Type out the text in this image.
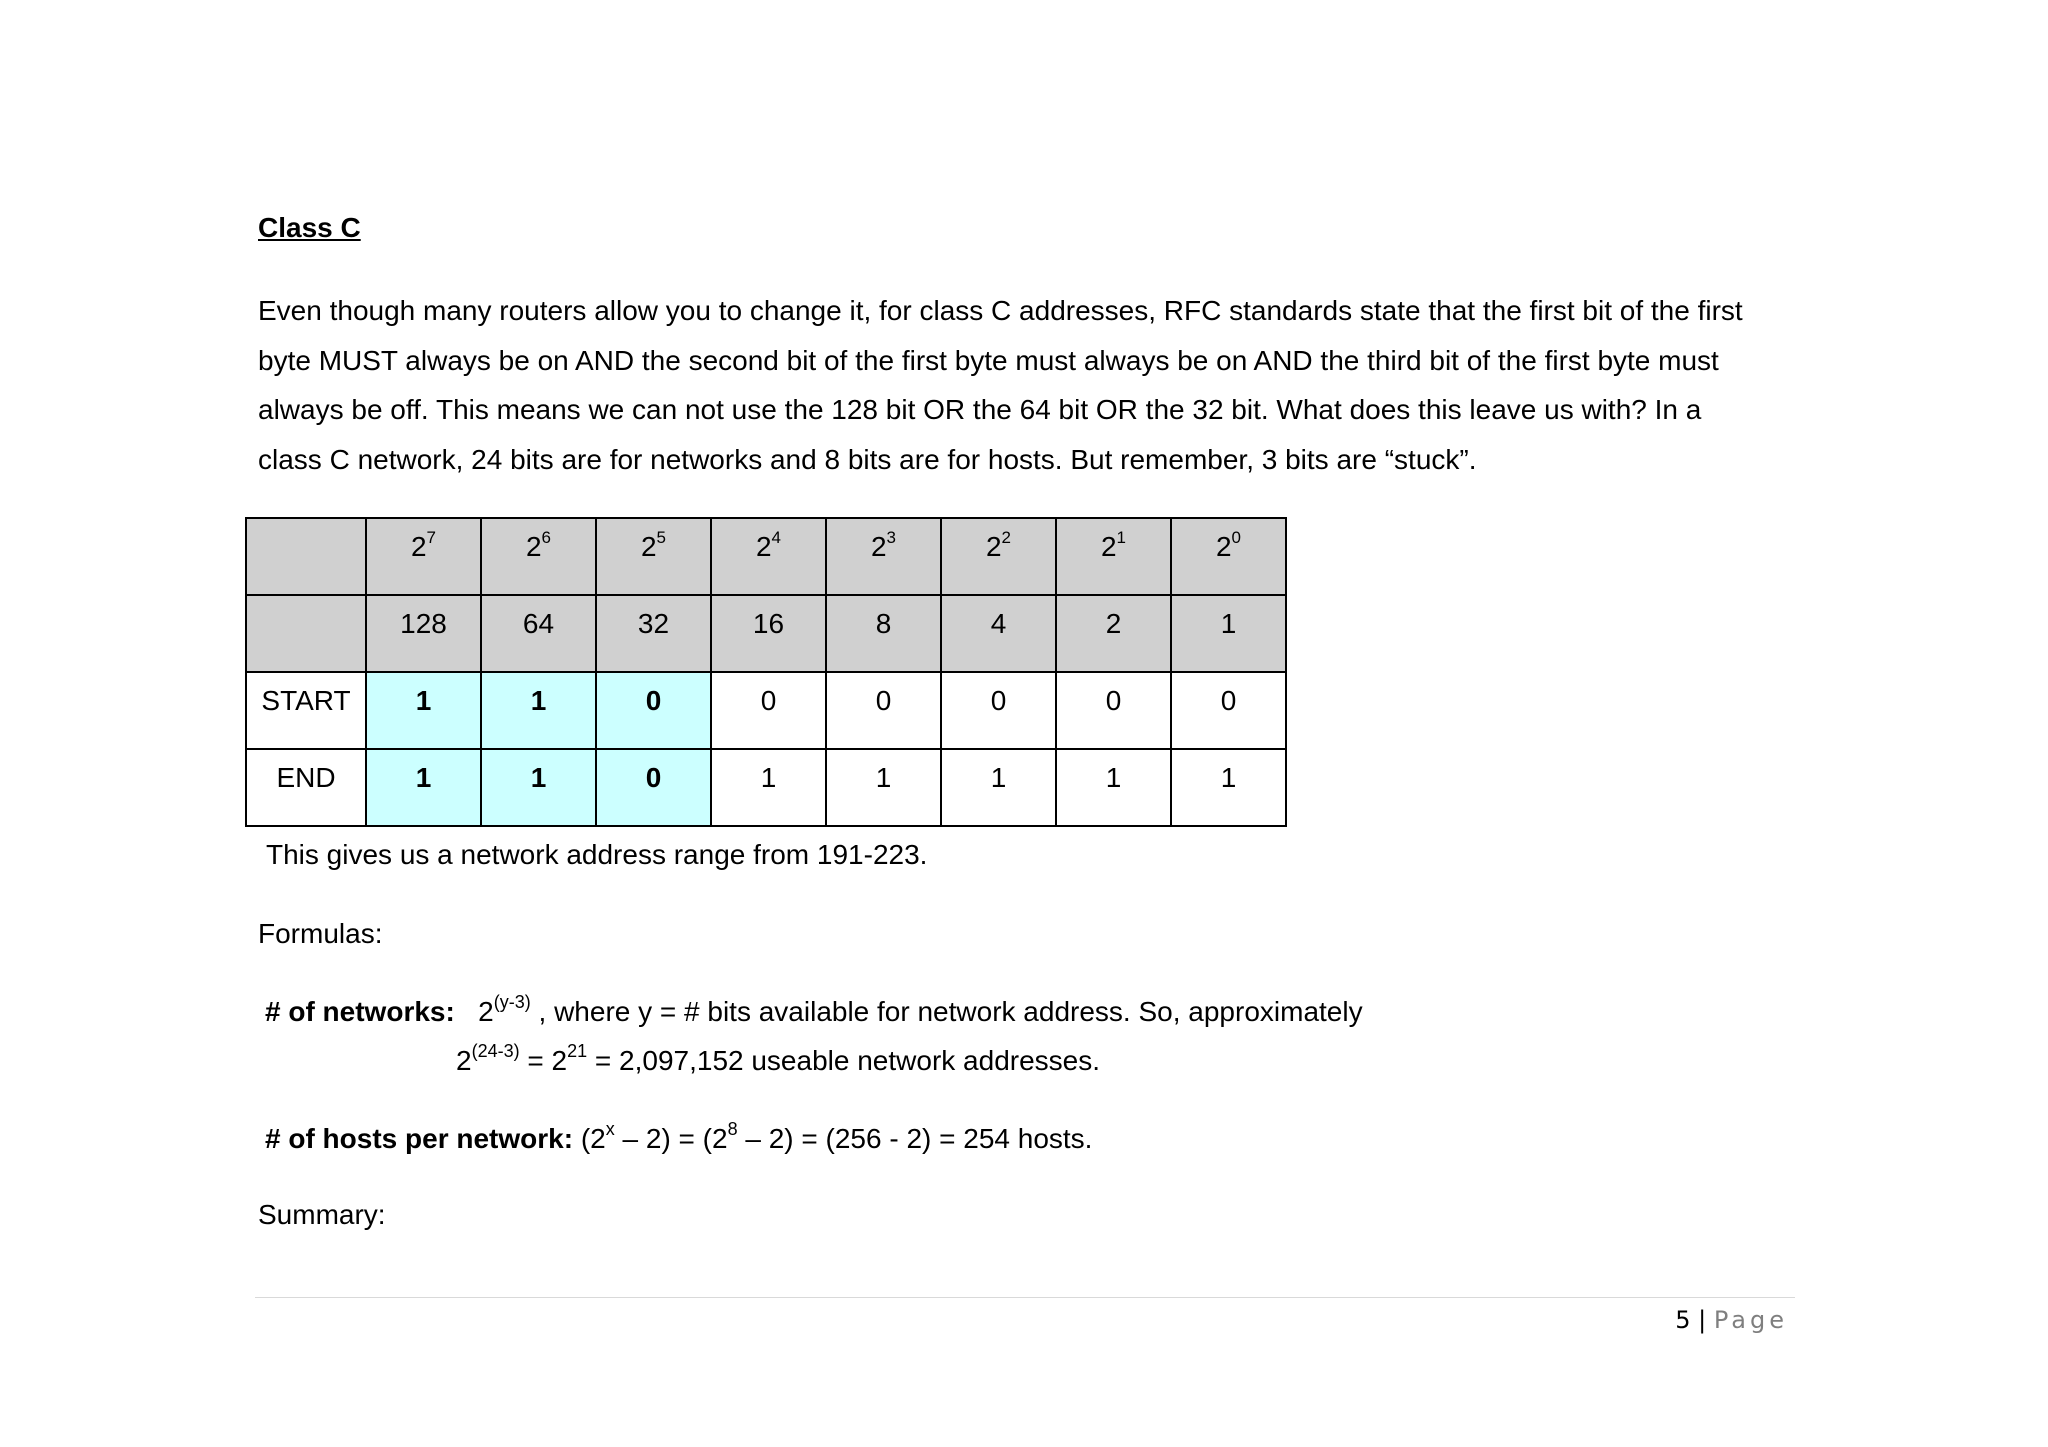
Class C
Even though many routers allow you to change it, for class C addresses, RFC standards state that the first bit of the first
byte MUST always be on AND the second bit of the first byte must always be on AND the third bit of the first byte must
always be off. This means we can not use the 128 bit OR the 64 bit OR the 32 bit. What does this leave us with? In a
class C network, 24 bits are for networks and 8 bits are for hosts. But remember, 3 bits are “stuck”.
	$2^7$	$2^6$	$2^5$	$2^4$	$2^3$	$2^2$	$2^1$	$2^0$
	128	64	32	16	8	4	2	1
START	1	1	0	0	0	0	0	0
END	1	1	0	1	1	1	1	1
This gives us a network address range from 191-223.
Formulas:
# of networks: 2$^{(y-3)}$ , where y = # bits available for network address. So, approximately
$2^{(24-3)} = 2^{21} = 2,097,152$ useable network addresses.
# of hosts per network: $(2^x - 2) = (2^8 - 2) = (256 - 2) = 254$ hosts.
Summary:
5 | Page
